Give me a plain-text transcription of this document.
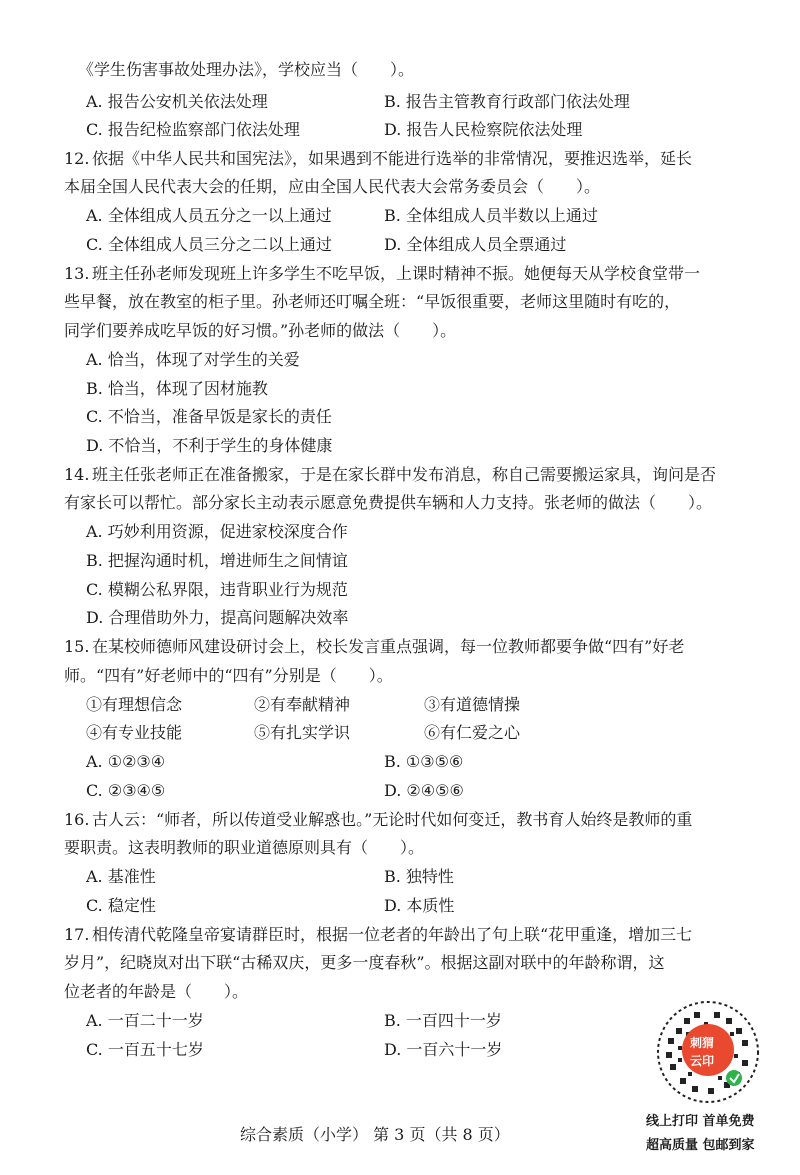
《学生伤害事故处理办法》，学校应当（　　）。
A. 报告公安机关依法处理	B. 报告主管教育行政部门依法处理
C. 报告纪检监察部门依法处理	D. 报告人民检察院依法处理
12. 依据《中华人民共和国宪法》，如果遇到不能进行选举的非常情况，要推迟选举，延长
本届全国人民代表大会的任期，应由全国人民代表大会常务委员会（　　）。
A. 全体组成人员五分之一以上通过	B. 全体组成人员半数以上通过
C. 全体组成人员三分之二以上通过	D. 全体组成人员全票通过
13. 班主任孙老师发现班上许多学生不吃早饭，上课时精神不振。她便每天从学校食堂带一
些早餐，放在教室的柜子里。孙老师还叮嘱全班：“早饭很重要，老师这里随时有吃的，
同学们要养成吃早饭的好习惯。”孙老师的做法（　　）。
A. 恰当，体现了对学生的关爱
B. 恰当，体现了因材施教
C. 不恰当，准备早饭是家长的责任
D. 不恰当，不利于学生的身体健康
14. 班主任张老师正在准备搬家，于是在家长群中发布消息，称自己需要搬运家具，询问是否
有家长可以帮忙。部分家长主动表示愿意免费提供车辆和人力支持。张老师的做法（　　）。
A. 巧妙利用资源，促进家校深度合作
B. 把握沟通时机，增进师生之间情谊
C. 模糊公私界限，违背职业行为规范
D. 合理借助外力，提高问题解决效率
15. 在某校师德师风建设研讨会上，校长发言重点强调，每一位教师都要争做“四有”好老
师。“四有”好老师中的“四有”分别是（　　）。
①有理想信念	②有奉献精神	③有道德情操
④有专业技能	⑤有扎实学识	⑥有仁爱之心
A. ①②③④	B. ①③⑤⑥
C. ②③④⑤	D. ②④⑤⑥
16. 古人云：“师者，所以传道受业解惑也。”无论时代如何变迁，教书育人始终是教师的重
要职责。这表明教师的职业道德原则具有（　　）。
A. 基准性	B. 独特性
C. 稳定性	D. 本质性
17. 相传清代乾隆皇帝宴请群臣时，根据一位老者的年龄出了句上联“花甲重逢，增加三七
岁月”，纪晓岚对出下联“古稀双庆，更多一度春秋”。根据这副对联中的年龄称谓，这
位老者的年龄是（　　）。
A. 一百二十一岁	B. 一百四十一岁
C. 一百五十七岁	D. 一百六十一岁
综合素质（小学） 第 3 页（共 8 页）
刺猬
云印
线上打印 首单免费
超高质量 包邮到家
